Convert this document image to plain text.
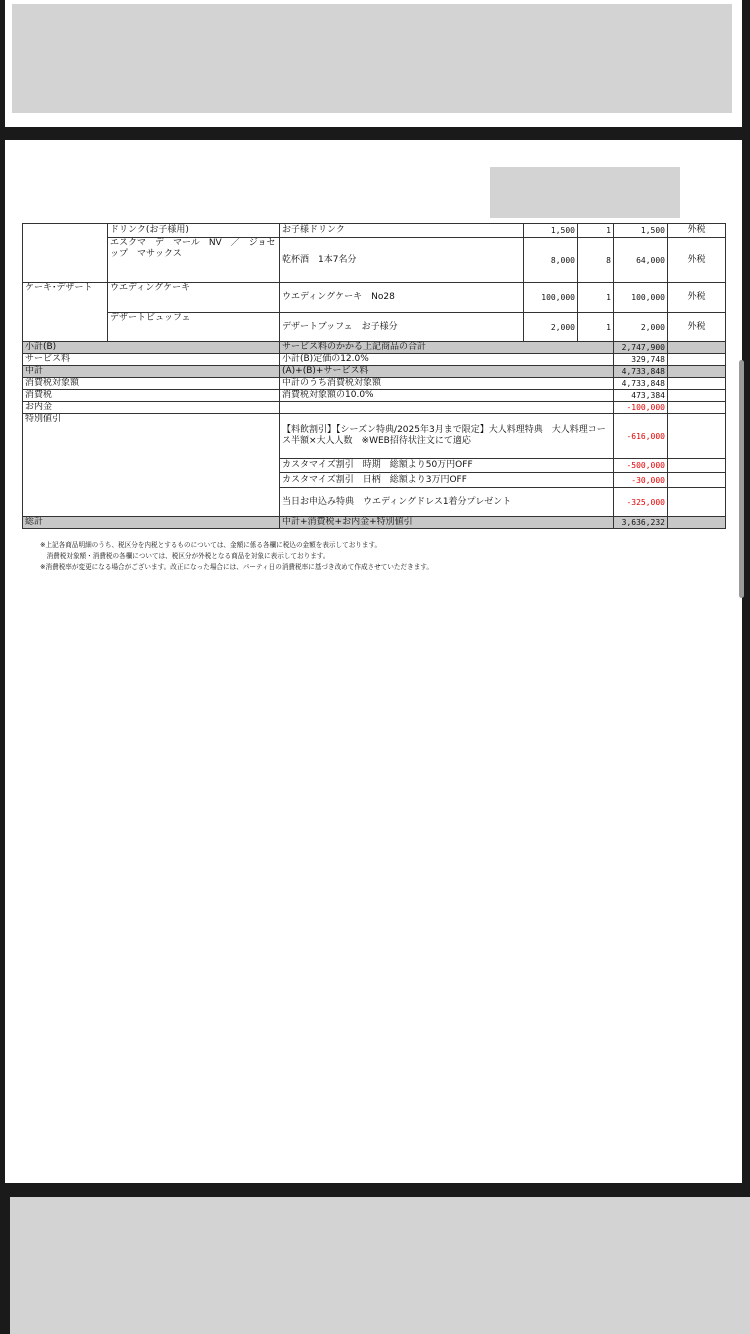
	ドリンク(お子様用)	お子様ドリンク	1,500	1	1,500	外税
	エスクマ　デ　マール　NV　／　ジョセップ　マサックス	乾杯酒　1本7名分	8,000	8	64,000	外税
ケーキ･デザート	ウエディングケーキ	ウエディングケーキ　No28	100,000	1	100,000	外税
	デザートビュッフェ	デザートブッフェ　お子様分	2,000	1	2,000	外税
小計(B)		サービス料のかかる上記商品の合計			2,747,900	
サービス料		小計(B)定価の12.0%			329,748	
中計		(A)+(B)+サービス料			4,733,848	
消費税対象額		中計のうち消費税対象額			4,733,848	
消費税		消費税対象額の10.0%			473,384	
お内金					-100,000	
特別値引		【料飲割引】【シーズン特典/2025年3月まで限定】大人料理特典　大人料理コース半額×大人人数　※WEB招待状注文にて適応			-616,000	
		カスタマイズ割引　時期　総額より50万円OFF			-500,000	
		カスタマイズ割引　日柄　総額より3万円OFF			-30,000	
		当日お申込み特典　ウエディングドレス1着分プレゼント			-325,000	
総計		中計+消費税+お内金+特別値引			3,636,232	
※上記各商品明細のうち、税区分を内税とするものについては、金額に係る各欄に税込の金額を表示しております。
　消費税対象額・消費税の各欄については、税区分が外税となる商品を対象に表示しております。
※消費税率が変更になる場合がございます。改正になった場合には、パーティ日の消費税率に基づき改めて作成させていただきます。
